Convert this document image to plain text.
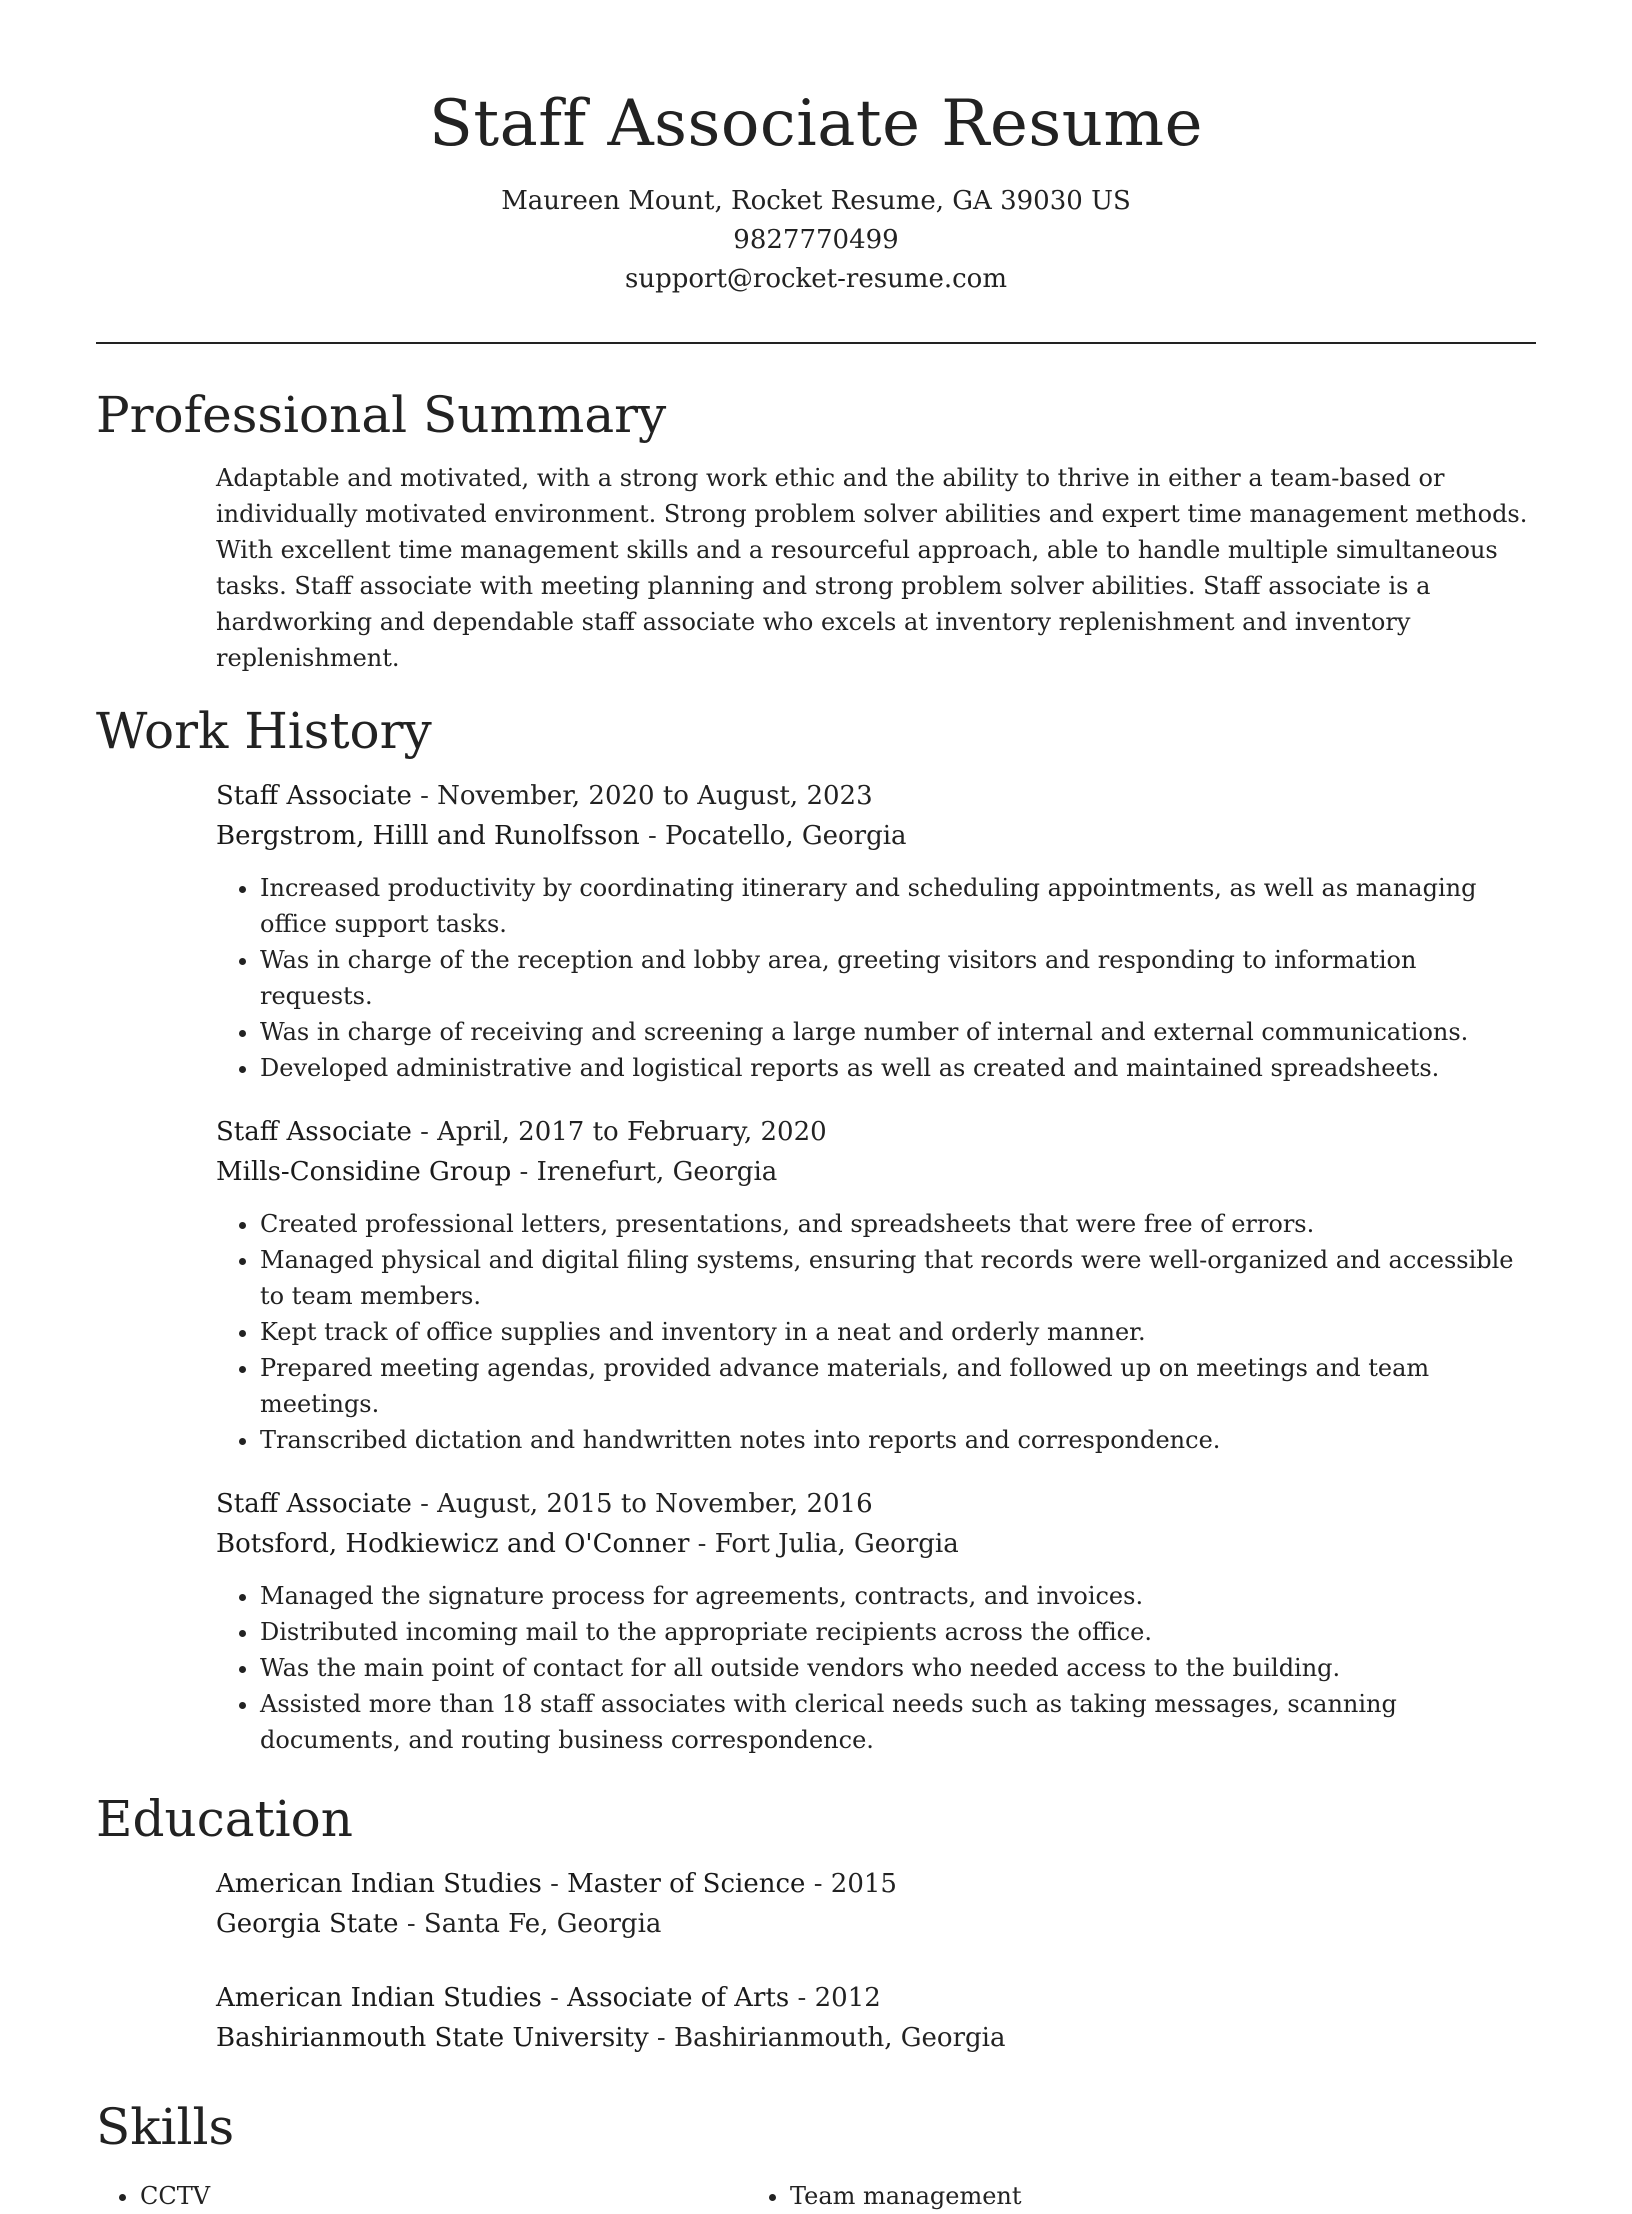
Staff Associate Resume
Maureen Mount, Rocket Resume, GA 39030 US
9827770499
support@rocket-resume.com
Professional Summary

Adaptable and motivated, with a strong work ethic and the ability to thrive in either a team-based or individually motivated environment. Strong problem solver abilities and expert time management methods. With excellent time management skills and a resourceful approach, able to handle multiple simultaneous tasks. Staff associate with meeting planning and strong problem solver abilities. Staff associate is a hardworking and dependable staff associate who excels at inventory replenishment and inventory replenishment.

Work History
Staff Associate - November, 2020 to August, 2023
Bergstrom, Hilll and Runolfsson - Pocatello, Georgia
• Increased productivity by coordinating itinerary and scheduling appointments, as well as managing office support tasks.
• Was in charge of the reception and lobby area, greeting visitors and responding to information requests.
• Was in charge of receiving and screening a large number of internal and external communications.
• Developed administrative and logistical reports as well as created and maintained spreadsheets.
Staff Associate - April, 2017 to February, 2020
Mills-Considine Group - Irenefurt, Georgia
• Created professional letters, presentations, and spreadsheets that were free of errors.
• Managed physical and digital filing systems, ensuring that records were well-organized and accessible to team members.
• Kept track of office supplies and inventory in a neat and orderly manner.
• Prepared meeting agendas, provided advance materials, and followed up on meetings and team meetings.
• Transcribed dictation and handwritten notes into reports and correspondence.
Staff Associate - August, 2015 to November, 2016
Botsford, Hodkiewicz and O'Conner - Fort Julia, Georgia
• Managed the signature process for agreements, contracts, and invoices.
• Distributed incoming mail to the appropriate recipients across the office.
• Was the main point of contact for all outside vendors who needed access to the building.
• Assisted more than 18 staff associates with clerical needs such as taking messages, scanning documents, and routing business correspondence.
Education
American Indian Studies - Master of Science - 2015
Georgia State - Santa Fe, Georgia
American Indian Studies - Associate of Arts - 2012
Bashirianmouth State University - Bashirianmouth, Georgia
Skills
• CCTV
•	Team management
